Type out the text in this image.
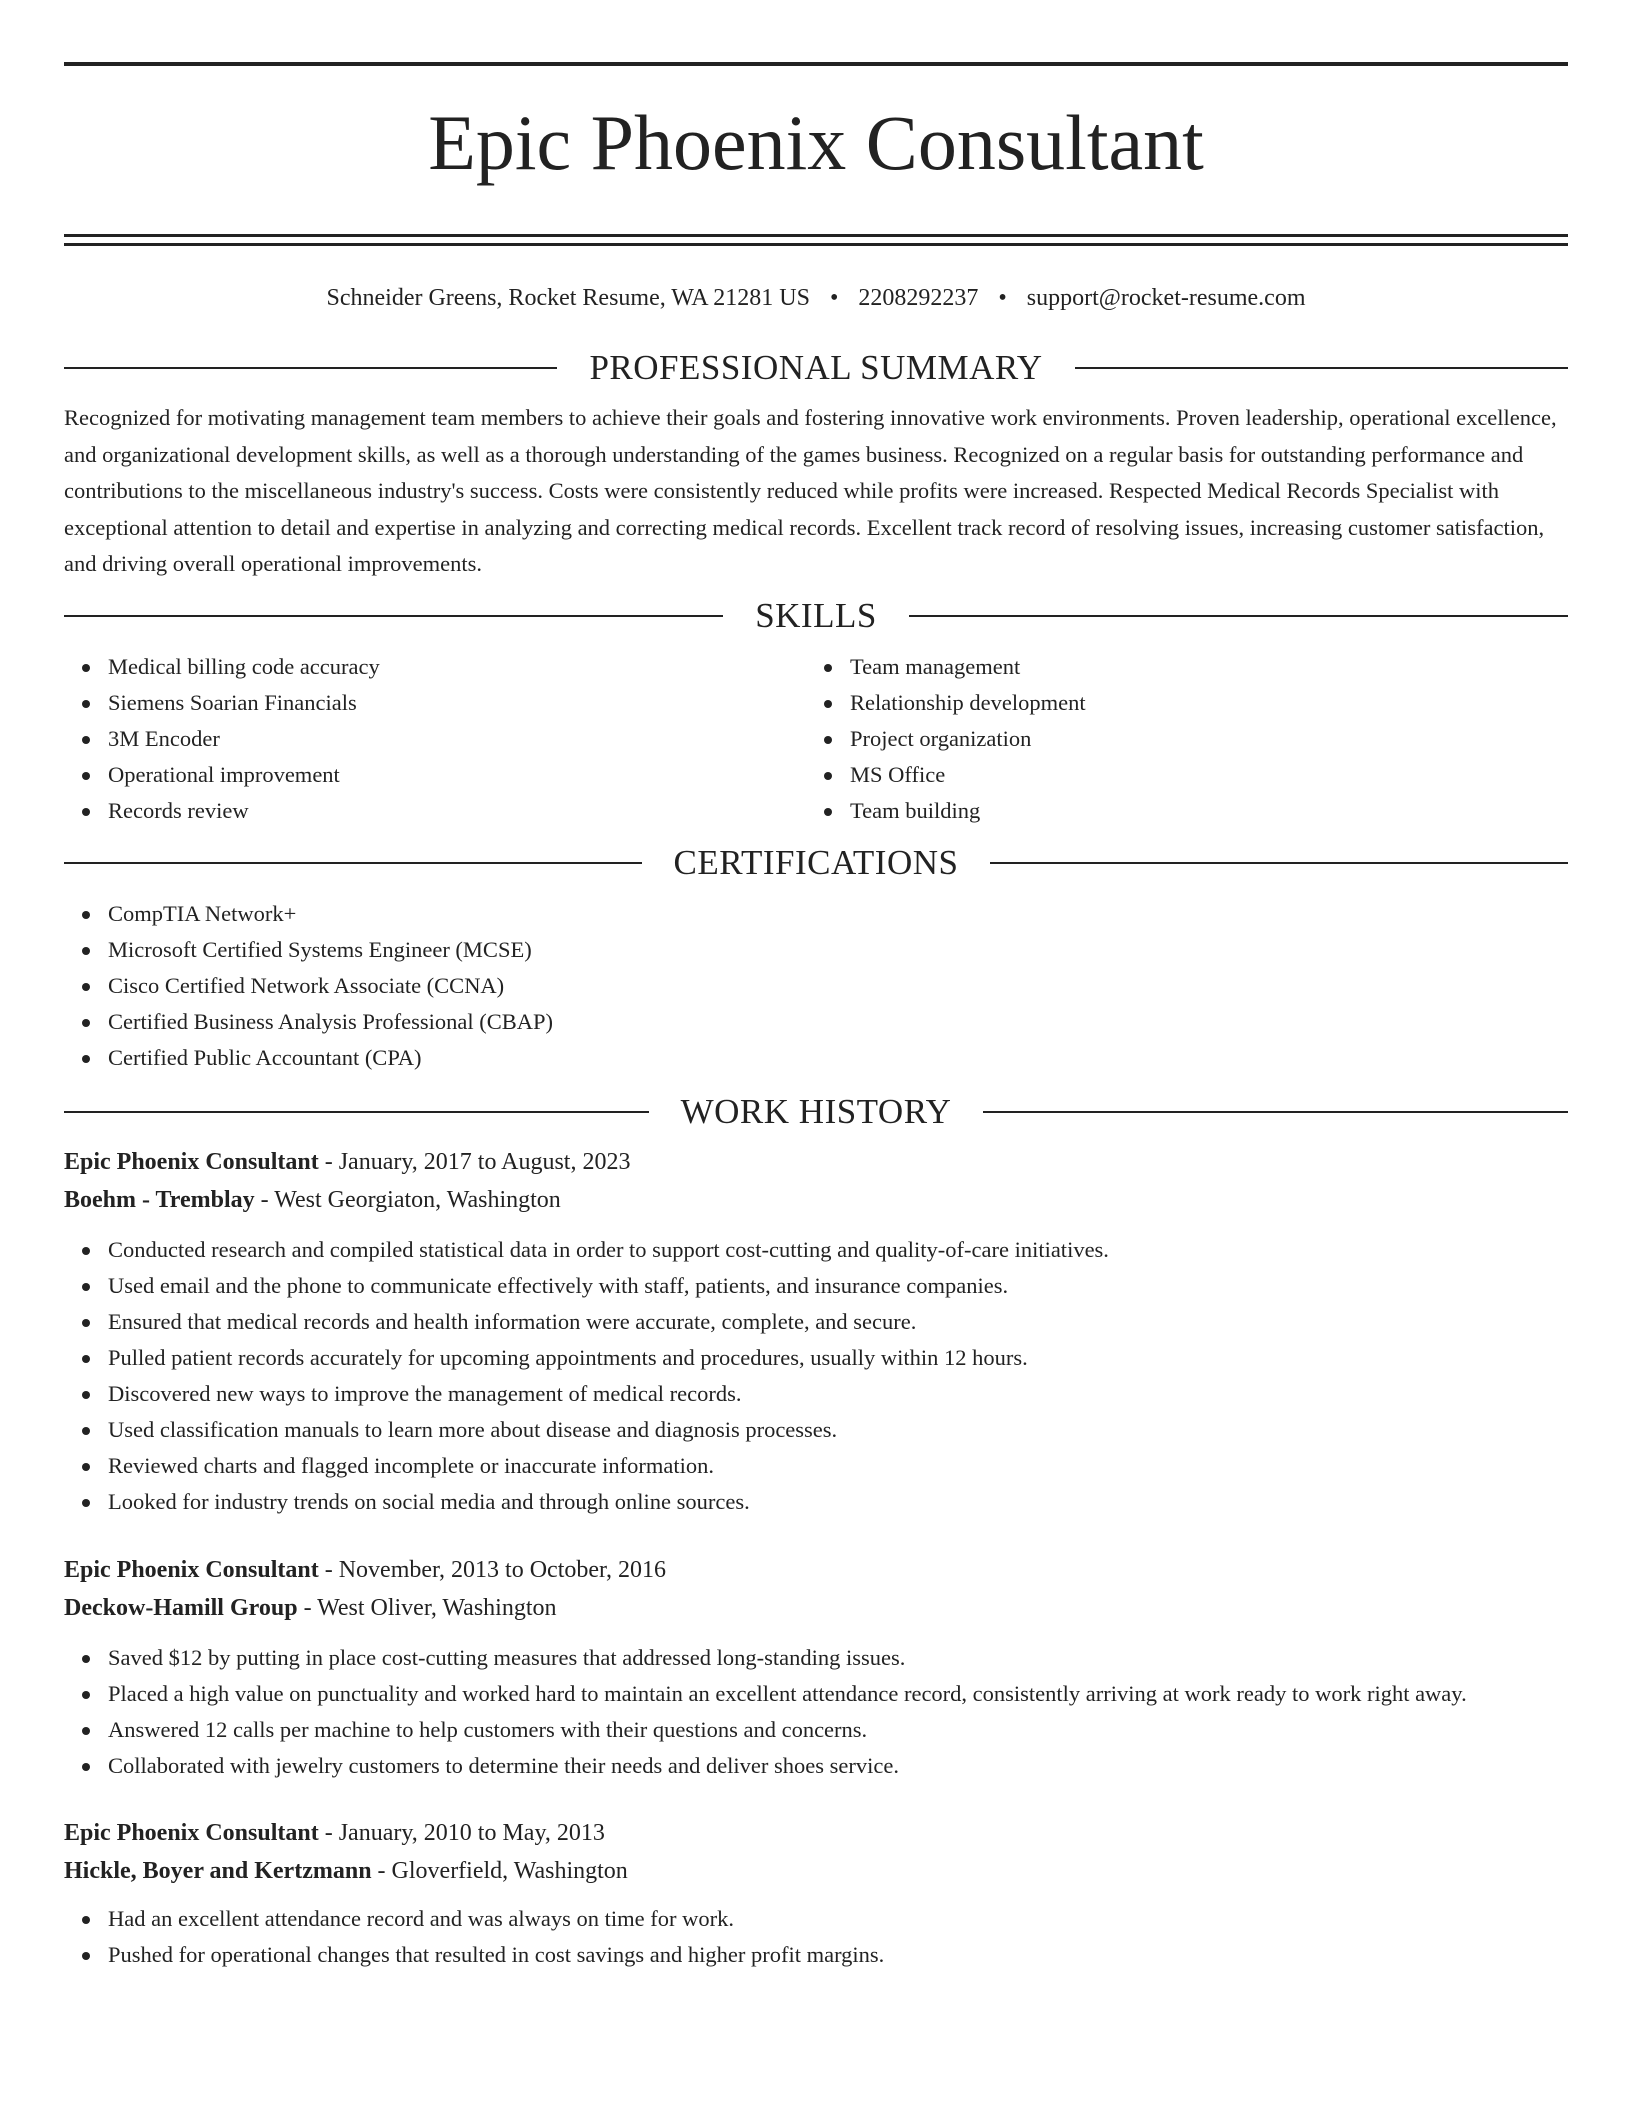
Epic Phoenix Consultant
Schneider Greens, Rocket Resume, WA 21281 US • 2208292237 • support@rocket-resume.com
PROFESSIONAL SUMMARY

Recognized for motivating management team members to achieve their goals and fostering innovative work environments. Proven leadership, operational excellence, and organizational development skills, as well as a thorough understanding of the games business. Recognized on a regular basis for outstanding performance and contributions to the miscellaneous industry's success. Costs were consistently reduced while profits were increased. Respected Medical Records Specialist with exceptional attention to detail and expertise in analyzing and correcting medical records. Excellent track record of resolving issues, increasing customer satisfaction, and driving overall operational improvements.

SKILLS
Medical billing code accuracy
Siemens Soarian Financials
3M Encoder
Operational improvement
Records review
Team management
Relationship development
Project organization
MS Office
Team building
CERTIFICATIONS
CompTIA Network+
Microsoft Certified Systems Engineer (MCSE)
Cisco Certified Network Associate (CCNA)
Certified Business Analysis Professional (CBAP)
Certified Public Accountant (CPA)
WORK HISTORY
Epic Phoenix Consultant - January, 2017 to August, 2023
Boehm - Tremblay - West Georgiaton, Washington
Conducted research and compiled statistical data in order to support cost-cutting and quality-of-care initiatives.
Used email and the phone to communicate effectively with staff, patients, and insurance companies.
Ensured that medical records and health information were accurate, complete, and secure.
Pulled patient records accurately for upcoming appointments and procedures, usually within 12 hours.
Discovered new ways to improve the management of medical records.
Used classification manuals to learn more about disease and diagnosis processes.
Reviewed charts and flagged incomplete or inaccurate information.
Looked for industry trends on social media and through online sources.
Epic Phoenix Consultant - November, 2013 to October, 2016
Deckow-Hamill Group - West Oliver, Washington
Saved $12 by putting in place cost-cutting measures that addressed long-standing issues.
Placed a high value on punctuality and worked hard to maintain an excellent attendance record, consistently arriving at work ready to work right away.
Answered 12 calls per machine to help customers with their questions and concerns.
Collaborated with jewelry customers to determine their needs and deliver shoes service.
Epic Phoenix Consultant - January, 2010 to May, 2013
Hickle, Boyer and Kertzmann - Gloverfield, Washington
Had an excellent attendance record and was always on time for work.
Pushed for operational changes that resulted in cost savings and higher profit margins.
